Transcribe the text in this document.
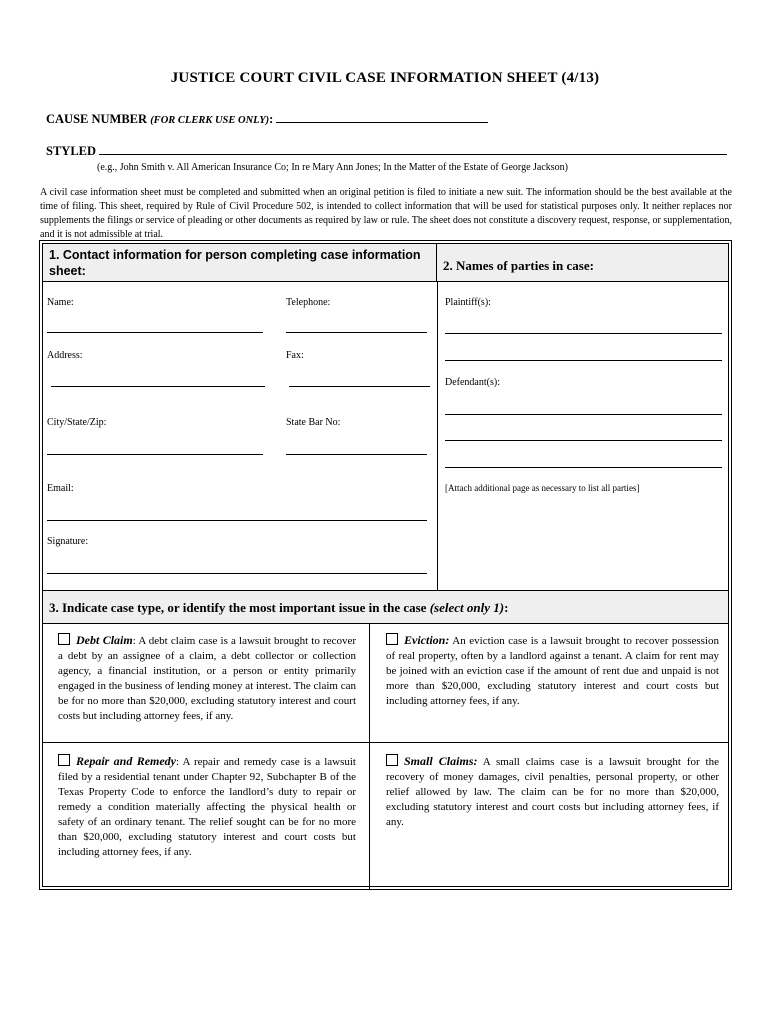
JUSTICE COURT CIVIL CASE INFORMATION SHEET (4/13)
CAUSE NUMBER (FOR CLERK USE ONLY):
STYLED
(e.g., John Smith v. All American Insurance Co; In re Mary Ann Jones; In the Matter of the Estate of George Jackson)
A civil case information sheet must be completed and submitted when an original petition is filed to initiate a new suit. The information should be the best available at the time of filing. This sheet, required by Rule of Civil Procedure 502, is intended to collect information that will be used for statistical purposes only. It neither replaces nor supplements the filings or service of pleading or other documents as required by law or rule. The sheet does not constitute a discovery request, response, or supplementation, and it is not admissible at trial.
1. Contact information for person completing case information sheet:	2. Names of parties in case:
Name:	Telephone:
Address:	Fax:
City/State/Zip:	State Bar No:
Email:
Signature:
Plaintiff(s):
Defendant(s):
[Attach additional page as necessary to list all parties]
3. Indicate case type, or identify the most important issue in the case (select only 1):
Debt Claim: A debt claim case is a lawsuit brought to recover a debt by an assignee of a claim, a debt collector or collection agency, a financial institution, or a person or entity primarily engaged in the business of lending money at interest. The claim can be for no more than $20,000, excluding statutory interest and court costs but including attorney fees, if any.
Eviction: An eviction case is a lawsuit brought to recover possession of real property, often by a landlord against a tenant. A claim for rent may be joined with an eviction case if the amount of rent due and unpaid is not more than $20,000, excluding statutory interest and court costs but including attorney fees, if any.
Repair and Remedy: A repair and remedy case is a lawsuit filed by a residential tenant under Chapter 92, Subchapter B of the Texas Property Code to enforce the landlord’s duty to repair or remedy a condition materially affecting the physical health or safety of an ordinary tenant. The relief sought can be for no more than $20,000, excluding statutory interest and court costs but including attorney fees, if any.
Small Claims: A small claims case is a lawsuit brought for the recovery of money damages, civil penalties, personal property, or other relief allowed by law. The claim can be for no more than $20,000, excluding statutory interest and court costs but including attorney fees, if any.
